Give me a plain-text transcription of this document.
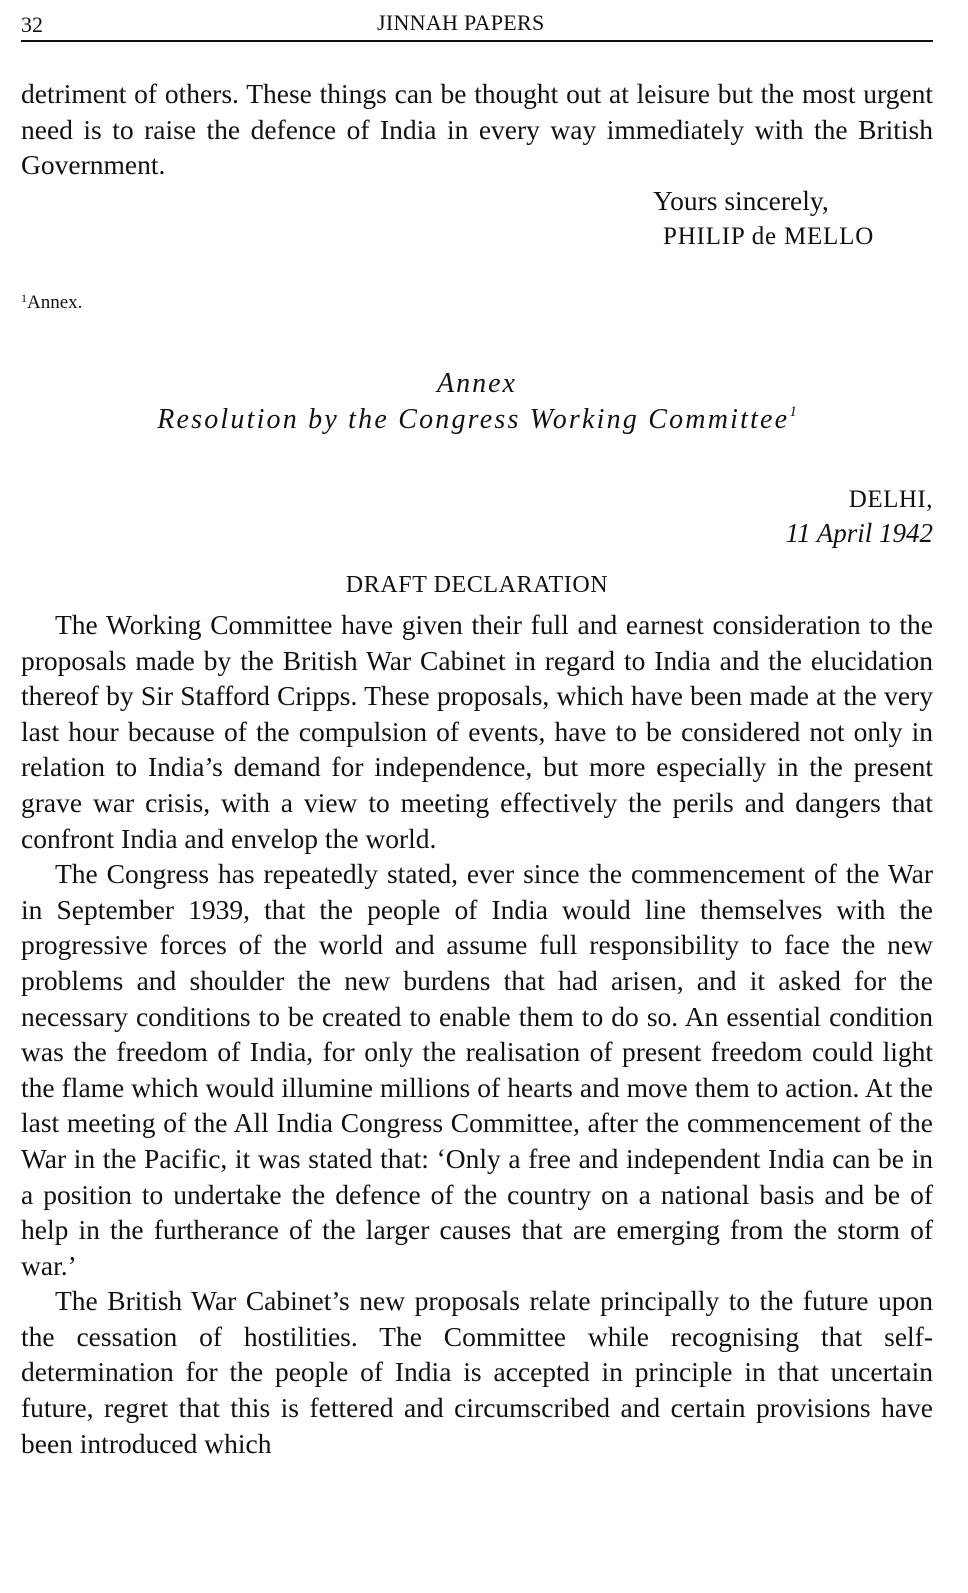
32	JINNAH PAPERS

detriment of others. These things can be thought out at leisure but the most urgent need is to raise the defence of India in every way immediately with the British Government.

Yours sincerely,
PHILIP de MELLO
$^1$Annex.
Annex
Resolution by the Congress Working Committee$^1$
DELHI,
11 April 1942
DRAFT DECLARATION

The Working Committee have given their full and earnest consideration to the proposals made by the British War Cabinet in regard to India and the elucidation thereof by Sir Stafford Cripps. These proposals, which have been made at the very last hour because of the compulsion of events, have to be considered not only in relation to India’s demand for independence, but more especially in the present grave war crisis, with a view to meeting effectively the perils and dangers that confront India and envelop the world.

The Congress has repeatedly stated, ever since the commencement of the War in September 1939, that the people of India would line themselves with the progressive forces of the world and assume full responsibility to face the new problems and shoulder the new burdens that had arisen, and it asked for the necessary conditions to be created to enable them to do so. An essential condition was the freedom of India, for only the realisation of present freedom could light the flame which would illumine millions of hearts and move them to action. At the last meeting of the All India Congress Committee, after the commencement of the War in the Pacific, it was stated that: ‘Only a free and independent India can be in a position to undertake the defence of the country on a national basis and be of help in the furtherance of the larger causes that are emerging from the storm of war.’

The British War Cabinet’s new proposals relate principally to the future upon the cessation of hostilities. The Committee while recognising that self-determination for the people of India is accepted in principle in that uncertain future, regret that this is fettered and circumscribed and certain provisions have been introduced which
